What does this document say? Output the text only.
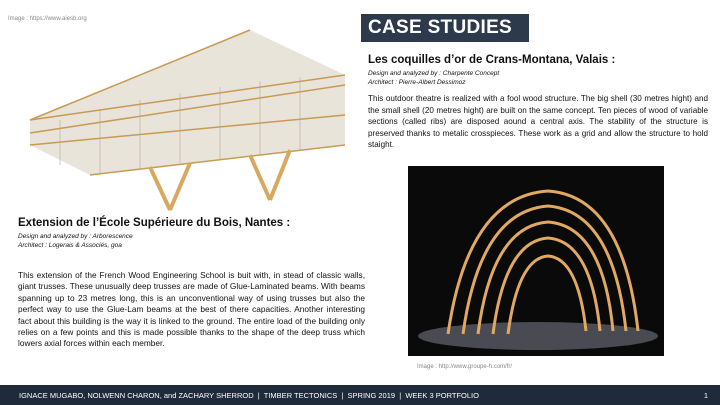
Image : https://www.aiesb.org	CASE STUDIES
Les coquilles d’or de Crans-Montana, Valais :
Design and analyzed by : Charpente Concept
Architect : Pierre-Albert Dessimoz
This outdoor theatre is realized with a fool wood structure. The big shell (30 metres hight) and the small shell (20 metres hight) are built on the same concept. Ten pieces of wood of variable sections (called ribs) are disposed aound a central axis. The stability of the structure is preserved thanks to metalic crosspieces. These work as a grid and allow the structure to hold staight.
Image : http://www.groupe-h.com/fr/
Extension de l’École Supérieure du Bois, Nantes :
Design and analyzed by : Arborescence
Architect : Logerais & Associés, goa
This extension of the French Wood Engineering School is buit with, in stead of classic walls, giant trusses. These unusually deep trusses are made of Glue-Laminated beams. With beams spanning up to 23 metres long, this is an unconventional way of using trusses but also the perfect way to use the Glue-Lam beams at the best of there capacities. Another interesting fact about this building is the way it is linked to the ground. The entire load of the building only relies on a few points and this is made possible thanks to the shape of the deep truss which lowers axial forces within each member.
IGNACE MUGABO, NOLWENN CHARON, and ZACHARY SHERROD  |  TIMBER TECTONICS  |  SPRING 2019  |  WEEK 3 PORTFOLIO	1
